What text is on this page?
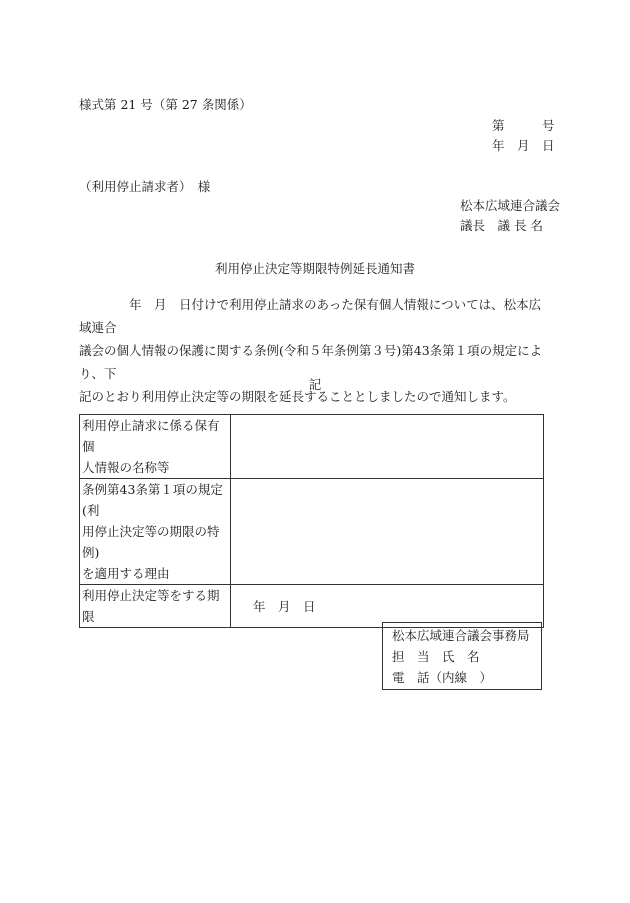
様式第 21 号（第 27 条関係）
第　　　号
年　月　日
（利用停止請求者）　様
松本広域連合議会
議長　議 長 名
利用停止決定等期限特例延長通知書

　　　　年　月　日付けで利用停止請求のあった保有個人情報については、松本広域連合

議会の個人情報の保護に関する条例(令和５年条例第３号)第43条第１項の規定により、下

記のとおり利用停止決定等の期限を延長することとしましたので通知します。

記
利用停止請求に係る保有個
人情報の名称等	

条例第43条第１項の規定(利
用停止決定等の期限の特例)
を適用する理由	

利用停止決定等をする期限	年　月　日
松本広域連合議会事務局
担　当　氏　名
電　話（内線　）
